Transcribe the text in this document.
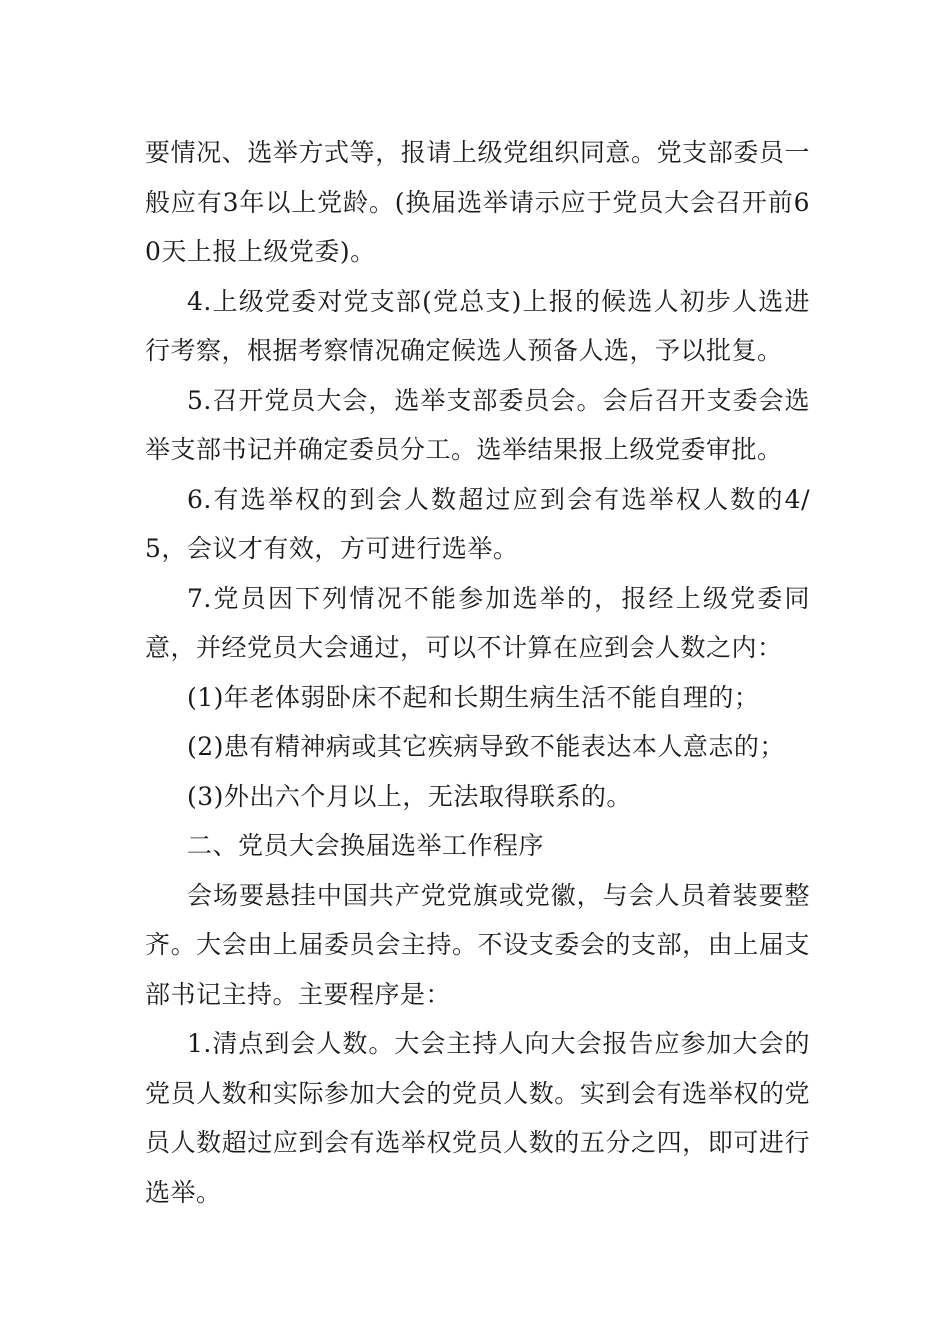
要情况、选举方式等，报请上级党组织同意。党支部委员一般应有3年以上党龄。(换届选举请示应于党员大会召开前60天上报上级党委)。

4.上级党委对党支部(党总支)上报的候选人初步人选进行考察，根据考察情况确定候选人预备人选，予以批复。

5.召开党员大会，选举支部委员会。会后召开支委会选举支部书记并确定委员分工。选举结果报上级党委审批。

6.有选举权的到会人数超过应到会有选举权人数的4/5，会议才有效，方可进行选举。

7.党员因下列情况不能参加选举的，报经上级党委同意，并经党员大会通过，可以不计算在应到会人数之内：

(1)年老体弱卧床不起和长期生病生活不能自理的；

(2)患有精神病或其它疾病导致不能表达本人意志的；

(3)外出六个月以上，无法取得联系的。

二、党员大会换届选举工作程序

会场要悬挂中国共产党党旗或党徽，与会人员着装要整齐。大会由上届委员会主持。不设支委会的支部，由上届支部书记主持。主要程序是：

1.清点到会人数。大会主持人向大会报告应参加大会的党员人数和实际参加大会的党员人数。实到会有选举权的党员人数超过应到会有选举权党员人数的五分之四，即可进行选举。
